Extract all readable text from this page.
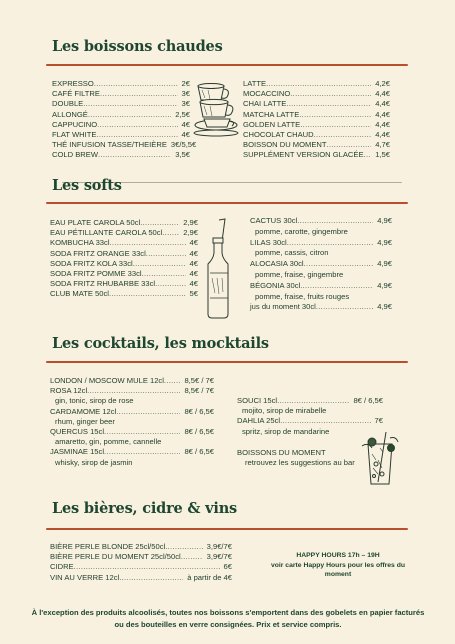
Les boissons chaudes
EXPRESSO .....	2€
CAFÉ FILTRE .....	3€
DOUBLE .....	3€
ALLONGÉ .....	2,5€
CAPPUCINO .....	4€
FLAT WHITE .....	4€
THÉ INFUSION TASSE/THEIÈRE 3€/5,5€
COLD BREW .....	3,5€
LATTE .....	4,2€
MOCACCINO .....	4,4€
CHAI LATTE .....	4,4€
MATCHA LATTE .....	4,4€
GOLDEN LATTE .....	4,4€
CHOCOLAT CHAUD .....	4,4€
BOISSON DU MOMENT .....	4,7€
SUPPLÉMENT VERSION GLACÉE ..... 1,5€
Les softs
EAU PLATE CAROLA 50cl .....	2,9€
EAU PÉTILLANTE CAROLA 50cl .....	2,9€
KOMBUCHA 33cl .....	4€
SODA FRITZ ORANGE 33cl .....	4€
SODA FRITZ KOLA 33cl .....	4€
SODA FRITZ POMME 33cl .....	4€
SODA FRITZ RHUBARBE 33cl .....	4€
CLUB MATE 50cl .....	5€
CACTUS 30cl .....	4,9€
pomme, carotte, gingembre
LILAS 30cl .....	4,9€
pomme, cassis, citron
ALOCASIA 30cl .....	4,9€
pomme, fraise, gingembre
BÉGONIA 30cl .....	4,9€
pomme, fraise, fruits rouges
jus du moment 30cl .....	4,9€
Les cocktails, les mocktails
LONDON / MOSCOW MULE 12cl .....	8,5€ / 7€
ROSA 12cl .....	8,5€ / 7€
gin, tonic, sirop de rose
CARDAMOME 12cl .....	8€ / 6,5€
rhum, ginger beer
QUERCUS 15cl .....	8€ / 6,5€
amaretto, gin, pomme, cannelle
JASMINAE 15cl .....	8€ / 6,5€
whisky, sirop de jasmin
SOUCI 15cl .....	8€ / 6,5€
mojito, sirop de mirabelle
DAHLIA 25cl .....	7€
spritz, sirop de mandarine
BOISSONS DU MOMENT
retrouvez les suggestions au bar
Les bières, cidre & vins
BIÈRE PERLE BLONDE 25cl/50cl .....	3,9€/7€
BIÈRE PERLE DU MOMENT 25cl/50cl .....	3,9€/7€
CIDRE .....	6€
VIN AU VERRE 12cl .....	à partir de 4€
HAPPY HOURS 17h – 19H
voir carte Happy Hours pour les offres du moment
À l'exception des produits alcoolisés, toutes nos boissons s'emportent dans des gobelets en papier facturés ou des bouteilles en verre consignées. Prix et service compris.
